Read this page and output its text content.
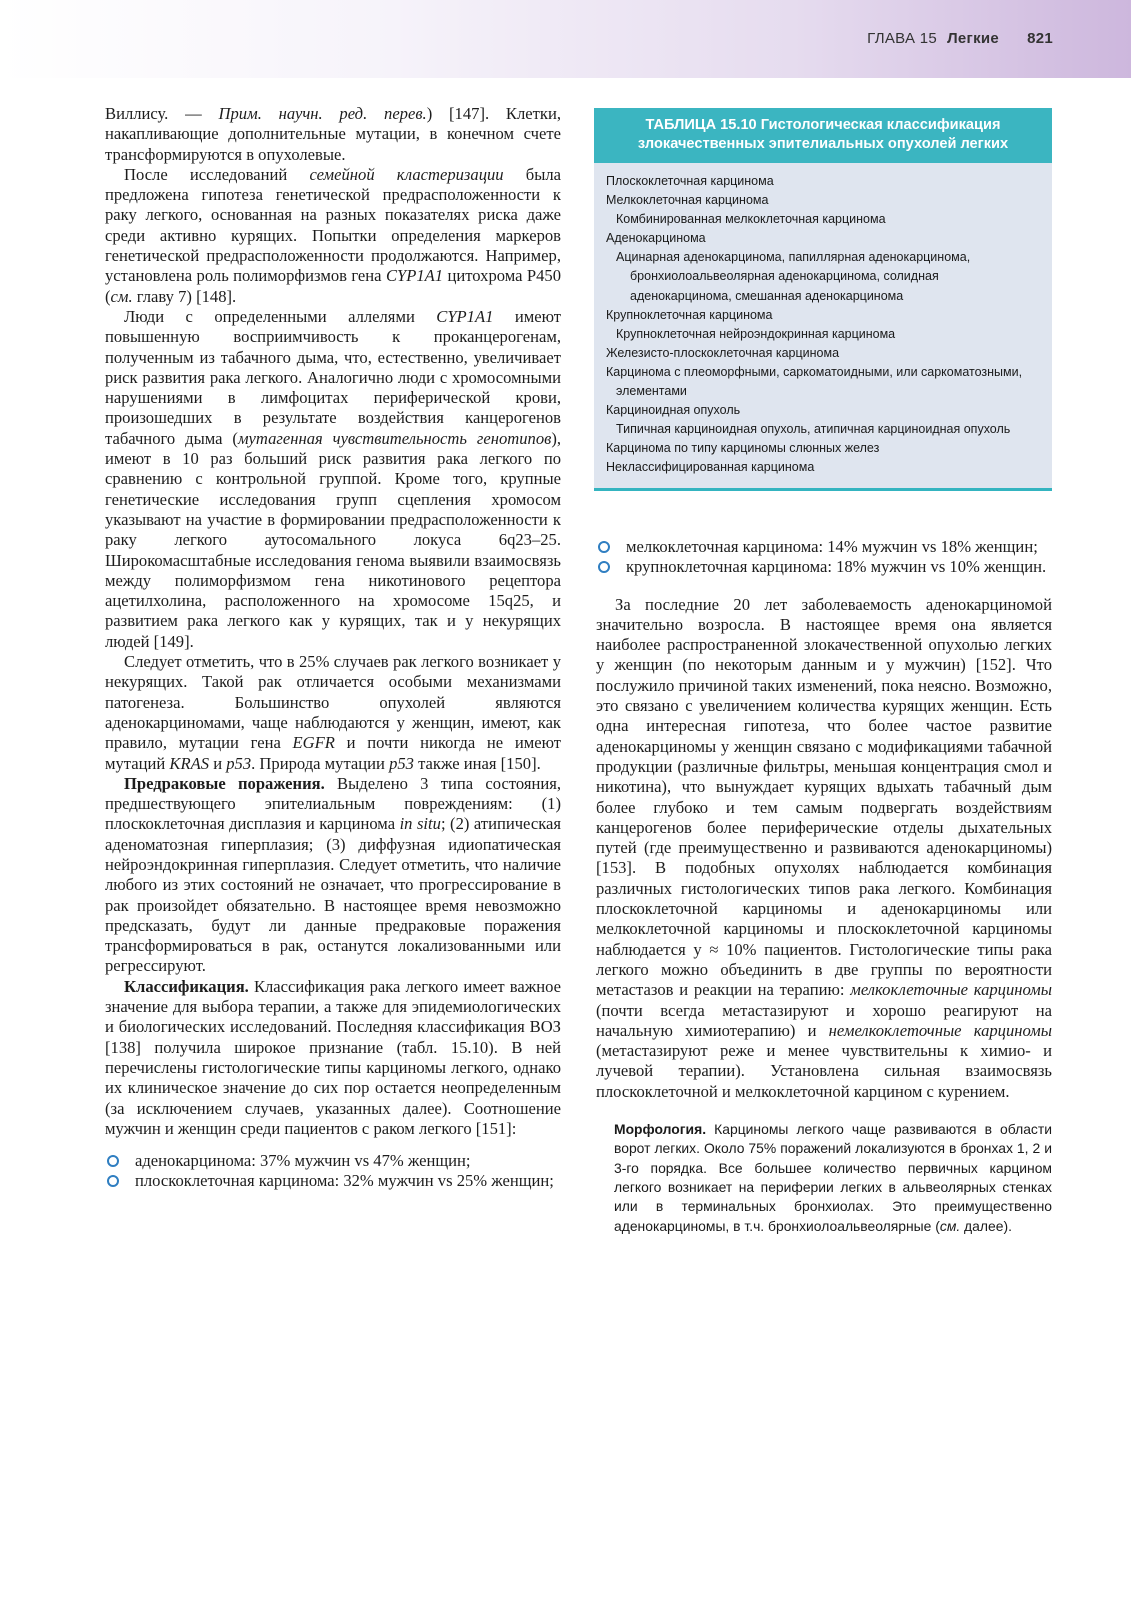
ГЛАВА 15 Легкие 821

Виллису. — Прим. научн. ред. перев.) [147]. Клетки, накапливающие дополнительные мутации, в конечном счете трансформируются в опухолевые.

После исследований семейной кластеризации была предложена гипотеза генетической предрасположенности к раку легкого, основанная на разных показателях риска даже среди активно курящих. Попытки определения маркеров генетической предрасположенности продолжаются. Например, установлена роль полиморфизмов гена CYP1A1 цитохрома P450 (см. главу 7) [148].

Люди с определенными аллелями CYP1A1 имеют повышенную восприимчивость к проканцерогенам, полученным из табачного дыма, что, естественно, увеличивает риск развития рака легкого. Аналогично люди с хромосомными нарушениями в лимфоцитах периферической крови, произошедших в результате воздействия канцерогенов табачного дыма (мутагенная чувствительность генотипов), имеют в 10 раз больший риск развития рака легкого по сравнению с контрольной группой. Кроме того, крупные генетические исследования групп сцепления хромосом указывают на участие в формировании предрасположенности к раку легкого аутосомального локуса 6q23–25. Широкомасштабные исследования генома выявили взаимосвязь между полиморфизмом гена никотинового рецептора ацетилхолина, расположенного на хромосоме 15q25, и развитием рака легкого как у курящих, так и у некурящих людей [149].

Следует отметить, что в 25% случаев рак легкого возникает у некурящих. Такой рак отличается особыми механизмами патогенеза. Большинство опухолей являются аденокарциномами, чаще наблюдаются у женщин, имеют, как правило, мутации гена EGFR и почти никогда не имеют мутаций KRAS и p53. Природа мутации p53 также иная [150].

Предраковые поражения. Выделено 3 типа состояния, предшествующего эпителиальным повреждениям: (1) плоскоклеточная дисплазия и карцинома in situ; (2) атипическая аденоматозная гиперплазия; (3) диффузная идиопатическая нейроэндокринная гиперплазия. Следует отметить, что наличие любого из этих состояний не означает, что прогрессирование в рак произойдет обязательно. В настоящее время невозможно предсказать, будут ли данные предраковые поражения трансформироваться в рак, останутся локализованными или регрессируют.

Классификация. Классификация рака легкого имеет важное значение для выбора терапии, а также для эпидемиологических и биологических исследований. Последняя классификация ВОЗ [138] получила широкое признание (табл. 15.10). В ней перечислены гистологические типы карциномы легкого, однако их клиническое значение до сих пор остается неопределенным (за исключением случаев, указанных далее). Соотношение мужчин и женщин среди пациентов с раком легкого [151]:

аденокарцинома: 37% мужчин vs 47% женщин;
плоскоклеточная карцинома: 32% мужчин vs 25% женщин;
ТАБЛИЦА 15.10 Гистологическая классификация
злокачественных эпителиальных опухолей легких
Плоскоклеточная карцинома
Мелкоклеточная карцинома
Комбинированная мелкоклеточная карцинома
Аденокарцинома
Ацинарная аденокарцинома, папиллярная аденокарцинома,
бронхиолоальвеолярная аденокарцинома, солидная
аденокарцинома, смешанная аденокарцинома
Крупноклеточная карцинома
Крупноклеточная нейроэндокринная карцинома
Железисто-плоскоклеточная карцинома
Карцинома с плеоморфными, саркоматоидными, или саркоматозными,
элементами
Карциноидная опухоль
Типичная карциноидная опухоль, атипичная карциноидная опухоль
Карцинома по типу карциномы слюнных желез
Неклассифицированная карцинома
мелкоклеточная карцинома: 14% мужчин vs 18% женщин;
крупноклеточная карцинома: 18% мужчин vs 10% женщин.

За последние 20 лет заболеваемость аденокарциномой значительно возросла. В настоящее время она является наиболее распространенной злокачественной опухолью легких у женщин (по некоторым данным и у мужчин) [152]. Что послужило причиной таких изменений, пока неясно. Возможно, это связано с увеличением количества курящих женщин. Есть одна интересная гипотеза, что более частое развитие аденокарциномы у женщин связано с модификациями табачной продукции (различные фильтры, меньшая концентрация смол и никотина), что вынуждает курящих вдыхать табачный дым более глубоко и тем самым подвергать воздействиям канцерогенов более периферические отделы дыхательных путей (где преимущественно и развиваются аденокарциномы) [153]. В подобных опухолях наблюдается комбинация различных гистологических типов рака легкого. Комбинация плоскоклеточной карциномы и аденокарциномы или мелкоклеточной карциномы и плоскоклеточной карциномы наблюдается у ≈ 10% пациентов. Гистологические типы рака легкого можно объединить в две группы по вероятности метастазов и реакции на терапию: мелкоклеточные карциномы (почти всегда метастазируют и хорошо реагируют на начальную химиотерапию) и немелкоклеточные карциномы (метастазируют реже и менее чувствительны к химио- и лучевой терапии). Установлена сильная взаимосвязь плоскоклеточной и мелкоклеточной карцином с курением.

Морфология. Карциномы легкого чаще развиваются в области ворот легких. Около 75% поражений локализуются в бронхах 1, 2 и 3-го порядка. Все большее количество первичных карцином легкого возникает на периферии легких в альвеолярных стенках или в терминальных бронхиолах. Это преимущественно аденокарциномы, в т.ч. бронхиолоальвеолярные (см. далее).
